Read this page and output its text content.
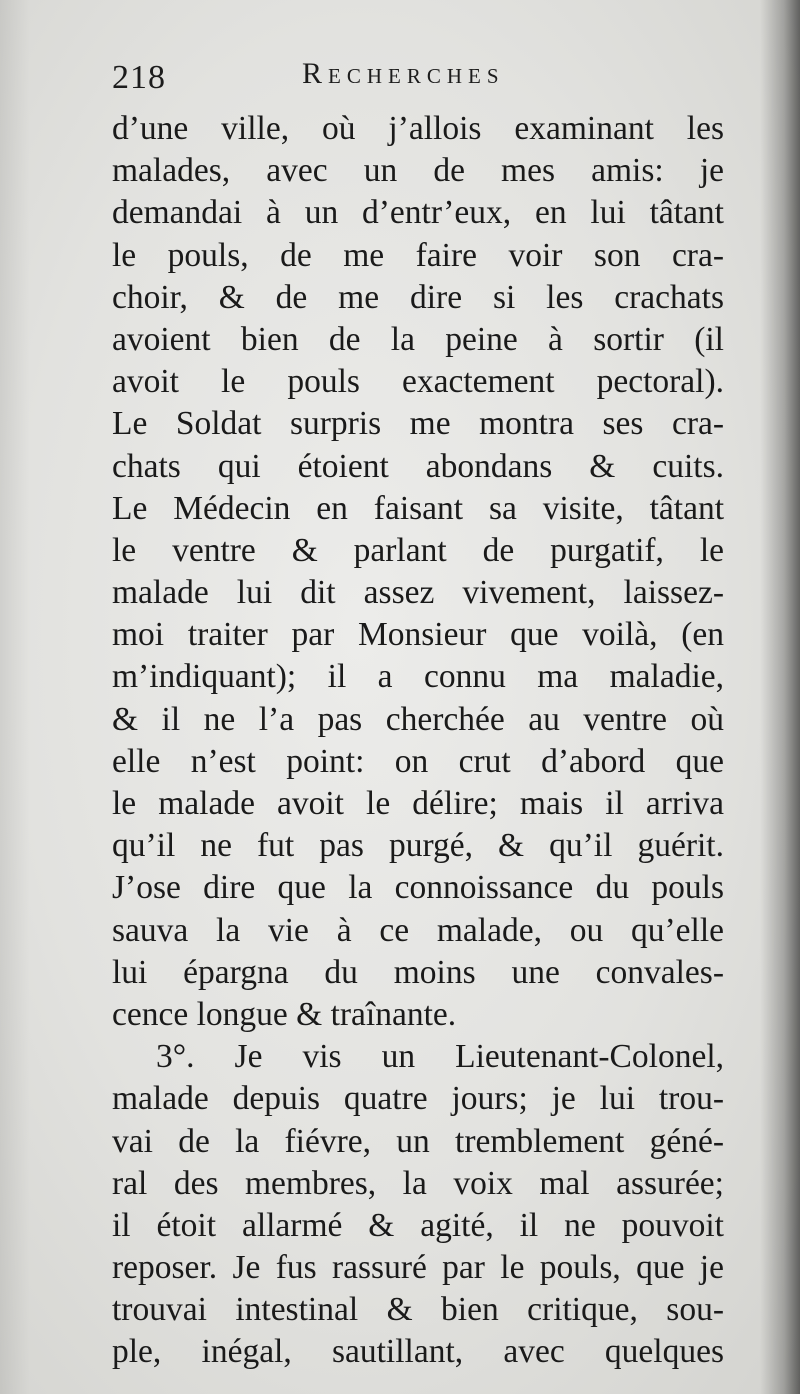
218	Recherches
d’une ville, où j’allois examinant les
malades, avec un de mes amis: je
demandai à un d’entr’eux, en lui tâtant
le pouls, de me faire voir son cra-
choir, & de me dire si les crachats
avoient bien de la peine à sortir (il
avoit le pouls exactement pectoral).
Le Soldat surpris me montra ses cra-
chats qui étoient abondans & cuits.
Le Médecin en faisant sa visite, tâtant
le ventre & parlant de purgatif, le
malade lui dit assez vivement, laissez-
moi traiter par Monsieur que voilà, (en
m’indiquant); il a connu ma maladie,
& il ne l’a pas cherchée au ventre où
elle n’est point: on crut d’abord que
le malade avoit le délire; mais il arriva
qu’il ne fut pas purgé, & qu’il guérit.
J’ose dire que la connoissance du pouls
sauva la vie à ce malade, ou qu’elle
lui épargna du moins une convales-
cence longue & traînante.
3°. Je vis un Lieutenant-Colonel,
malade depuis quatre jours; je lui trou-
vai de la fiévre, un tremblement géné-
ral des membres, la voix mal assurée;
il étoit allarmé & agité, il ne pouvoit
reposer. Je fus rassuré par le pouls, que je
trouvai intestinal & bien critique, sou-
ple, inégal, sautillant, avec quelques
